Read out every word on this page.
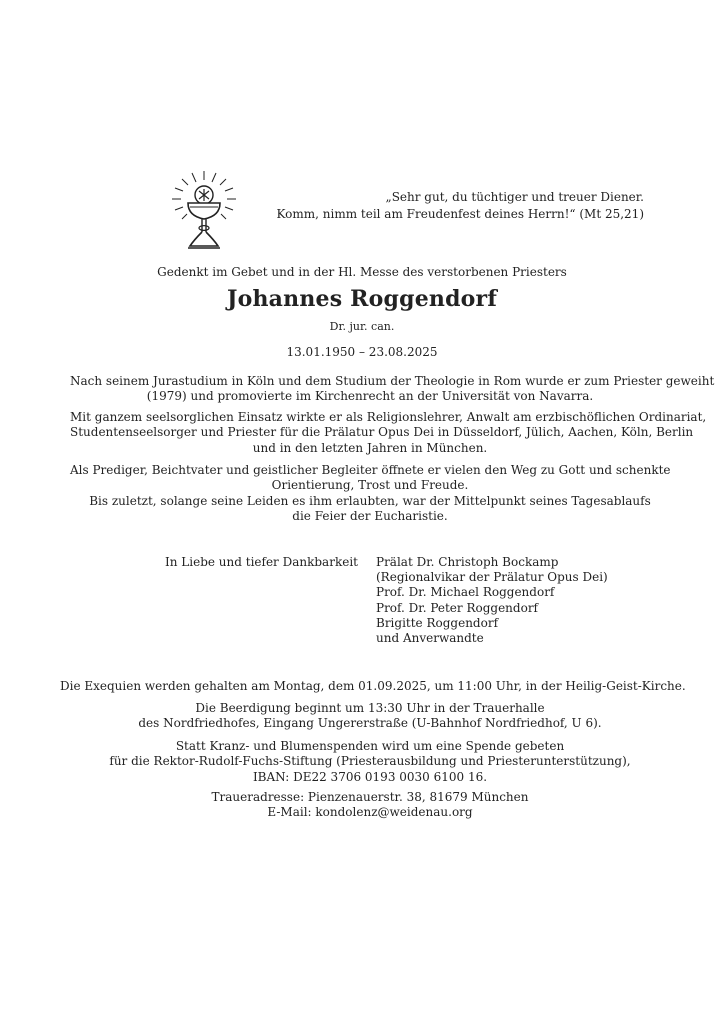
„Sehr gut, du tüchtiger und treuer Diener.
Komm, nimm teil am Freudenfest deines Herrn!“ (Mt 25,21)
Gedenkt im Gebet und in der Hl. Messe des verstorbenen Priesters
Johannes Roggendorf
Dr. jur. can.
13.01.1950 – 23.08.2025
Nach seinem Jurastudium in Köln und dem Studium der Theologie in Rom wurde er zum Priester geweiht
(1979) und promovierte im Kirchenrecht an der Universität von Navarra.
Mit ganzem seelsorglichen Einsatz wirkte er als Religionslehrer, Anwalt am erzbischöflichen Ordinariat,
Studentenseelsorger und Priester für die Prälatur Opus Dei in Düsseldorf, Jülich, Aachen, Köln, Berlin
und in den letzten Jahren in München.
Als Prediger, Beichtvater und geistlicher Begleiter öffnete er vielen den Weg zu Gott und schenkte
Orientierung, Trost und Freude.
Bis zuletzt, solange seine Leiden es ihm erlaubten, war der Mittelpunkt seines Tagesablaufs
die Feier der Eucharistie.
In Liebe und tiefer Dankbarkeit Prälat Dr. Christoph Bockamp
(Regionalvikar der Prälatur Opus Dei)
Prof. Dr. Michael Roggendorf
Prof. Dr. Peter Roggendorf
Brigitte Roggendorf
und Anverwandte
Die Exequien werden gehalten am Montag, dem 01.09.2025, um 11:00 Uhr, in der Heilig-Geist-Kirche.
Die Beerdigung beginnt um 13:30 Uhr in der Trauerhalle
des Nordfriedhofes, Eingang Ungererstraße (U-Bahnhof Nordfriedhof, U 6).
Statt Kranz- und Blumenspenden wird um eine Spende gebeten
für die Rektor-Rudolf-Fuchs-Stiftung (Priesterausbildung und Priesterunterstützung),
IBAN: DE22 3706 0193 0030 6100 16.
Traueradresse: Pienzenauerstr. 38, 81679 München
E-Mail: kondolenz@weidenau.org
